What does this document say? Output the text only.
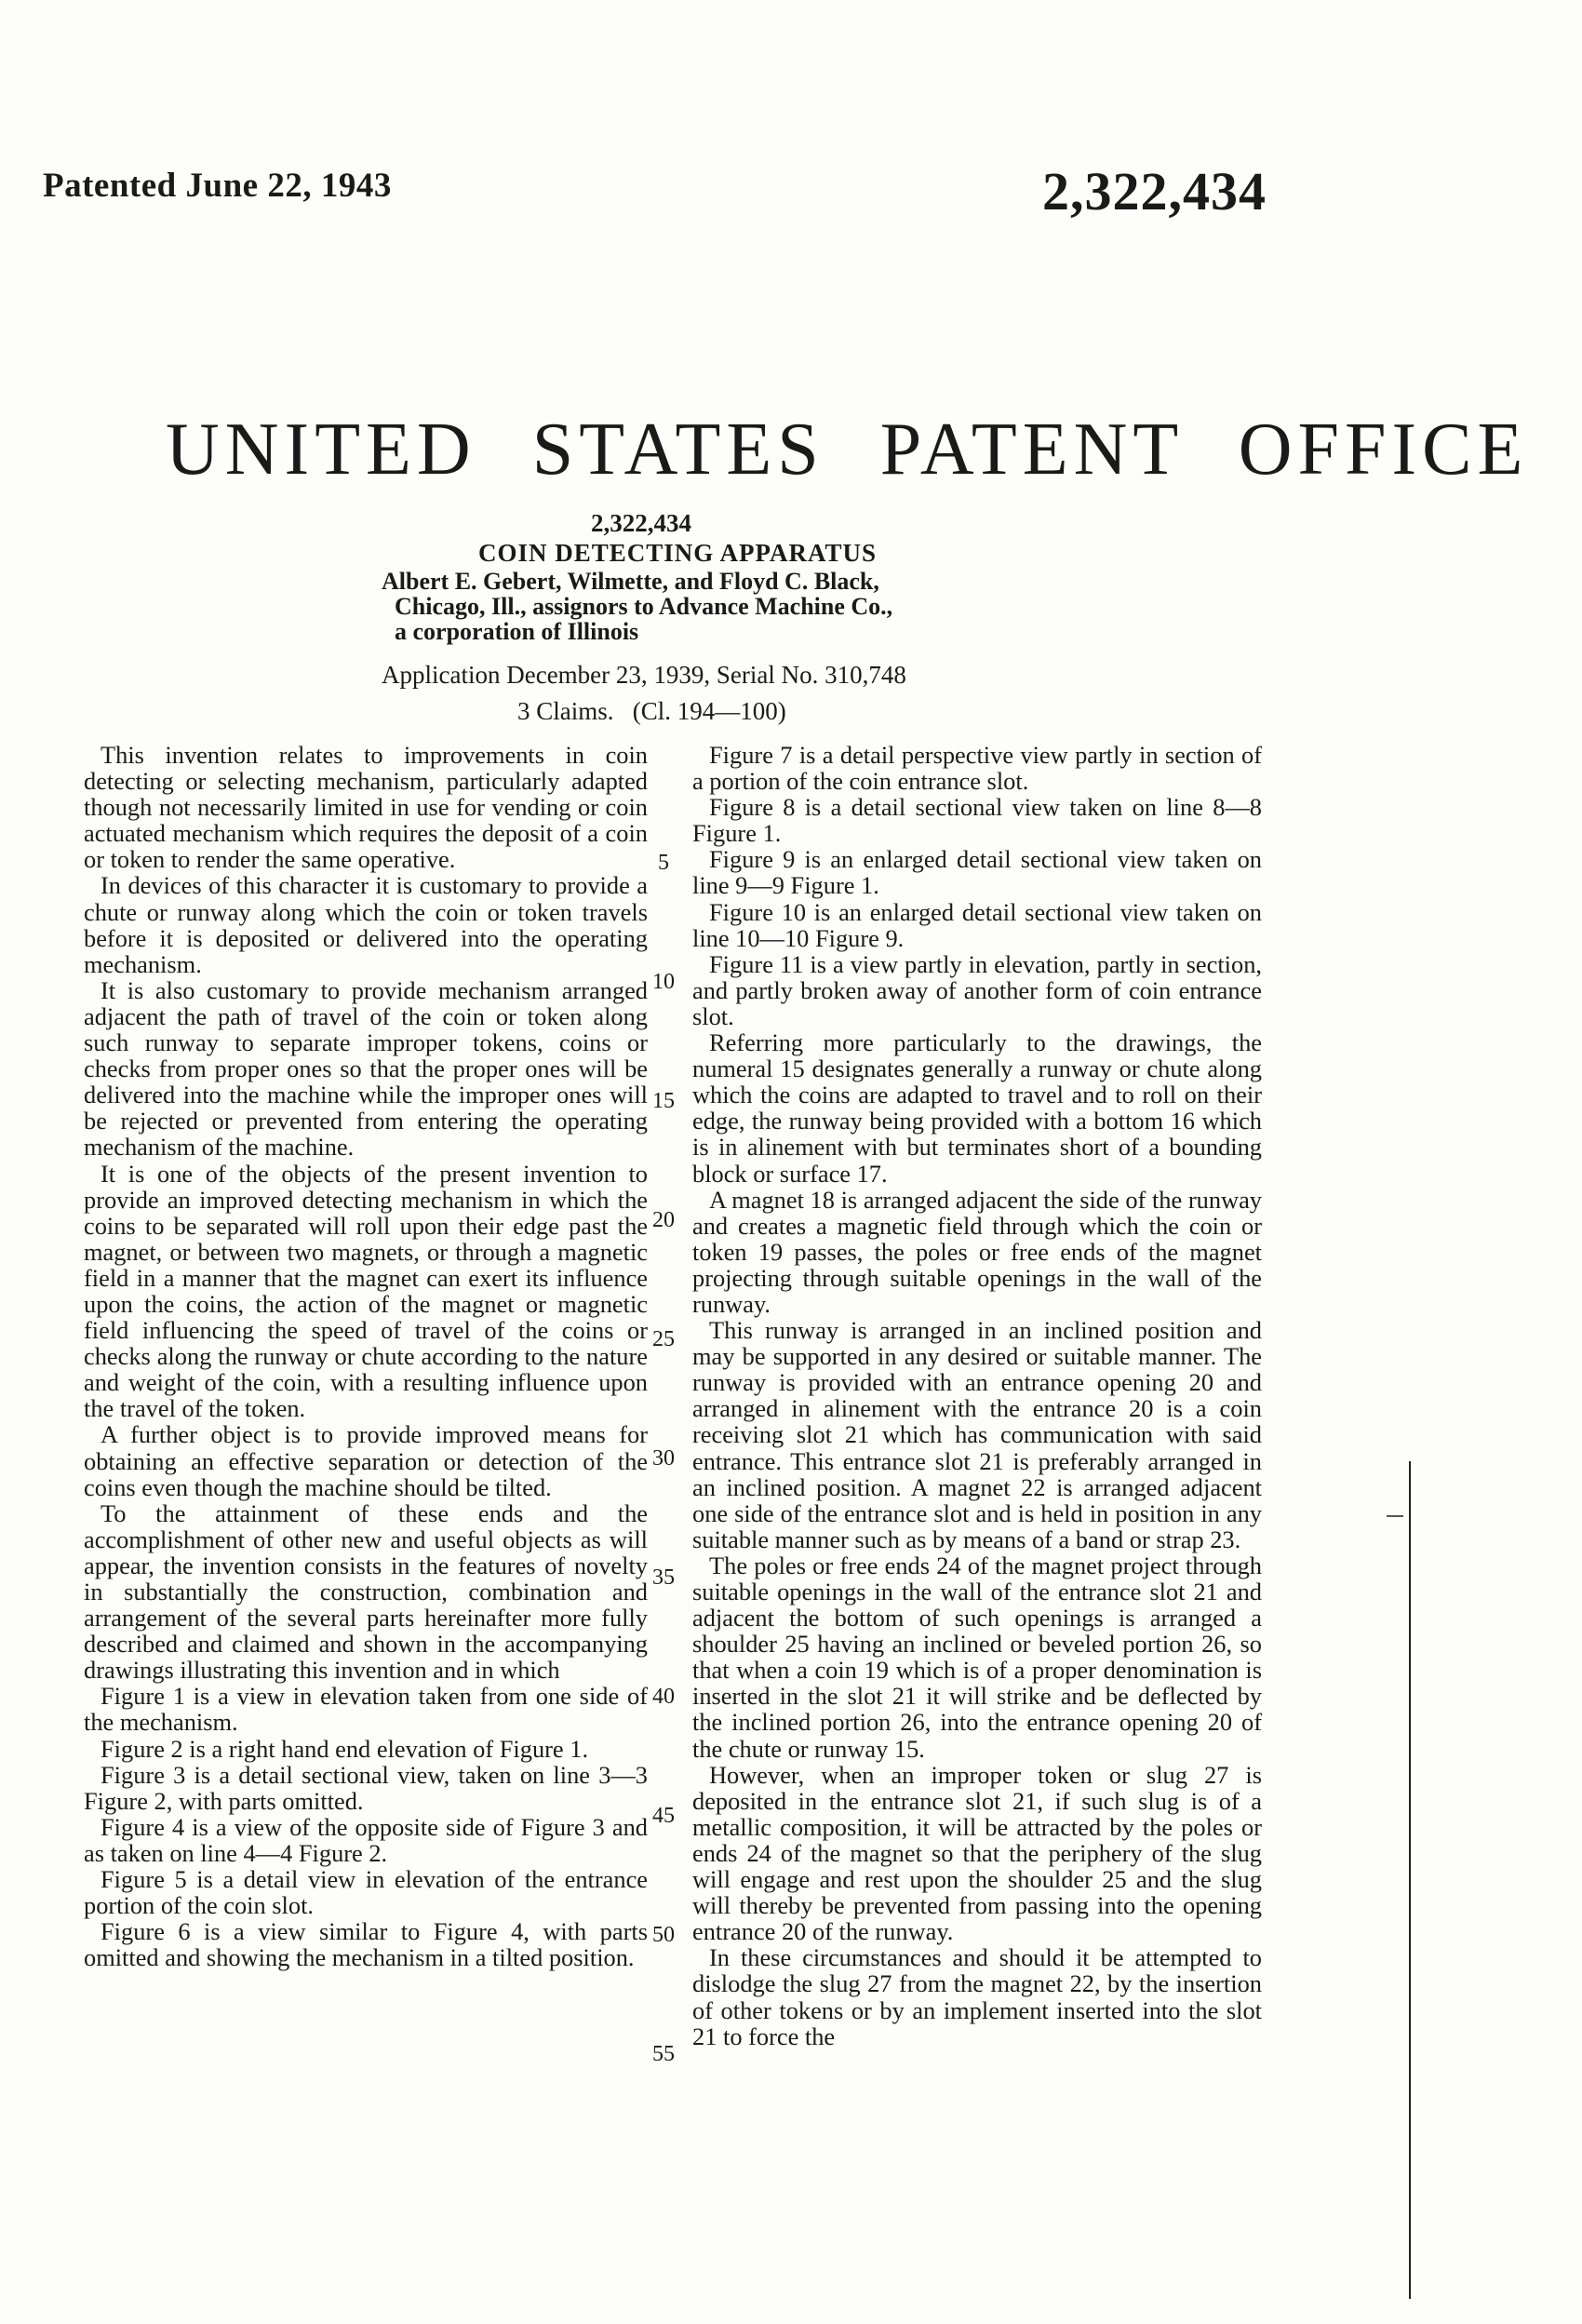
Patented June 22, 1943	2,322,434
UNITED STATES PATENT OFFICE
2,322,434
COIN DETECTING APPARATUS
Albert E. Gebert, Wilmette, and Floyd C. Black,
Chicago, Ill., assignors to Advance Machine Co.,
a corporation of Illinois
Application December 23, 1939, Serial No. 310,748
3 Claims.   (Cl. 194—100)

This invention relates to improvements in coin detecting or selecting mechanism, particularly adapted though not necessarily limited in use for vending or coin actuated mechanism which requires the deposit of a coin or token to render the same operative.

In devices of this character it is customary to provide a chute or runway along which the coin or token travels before it is deposited or delivered into the operating mechanism.

It is also customary to provide mechanism arranged adjacent the path of travel of the coin or token along such runway to separate improper tokens, coins or checks from proper ones so that the proper ones will be delivered into the machine while the improper ones will be rejected or prevented from entering the operating mechanism of the machine.

It is one of the objects of the present invention to provide an improved detecting mechanism in which the coins to be separated will roll upon their edge past the magnet, or between two magnets, or through a magnetic field in a manner that the magnet can exert its influence upon the coins, the action of the magnet or magnetic field influencing the speed of travel of the coins or checks along the runway or chute according to the nature and weight of the coin, with a resulting influence upon the travel of the token.

A further object is to provide improved means for obtaining an effective separation or detection of the coins even though the machine should be tilted.

To the attainment of these ends and the accomplishment of other new and useful objects as will appear, the invention consists in the features of novelty in substantially the construction, combination and arrangement of the several parts hereinafter more fully described and claimed and shown in the accompanying drawings illustrating this invention and in which

Figure 1 is a view in elevation taken from one side of the mechanism.

Figure 2 is a right hand end elevation of Figure 1.

Figure 3 is a detail sectional view, taken on line 3—3 Figure 2, with parts omitted.

Figure 4 is a view of the opposite side of Figure 3 and as taken on line 4—4 Figure 2.

Figure 5 is a detail view in elevation of the entrance portion of the coin slot.

Figure 6 is a view similar to Figure 4, with parts omitted and showing the mechanism in a tilted position.

5
10
15
20
25
30
35
40
45
50
55

Figure 7 is a detail perspective view partly in section of a portion of the coin entrance slot.

Figure 8 is a detail sectional view taken on line 8—8 Figure 1.

Figure 9 is an enlarged detail sectional view taken on line 9—9 Figure 1.

Figure 10 is an enlarged detail sectional view taken on line 10—10 Figure 9.

Figure 11 is a view partly in elevation, partly in section, and partly broken away of another form of coin entrance slot.

Referring more particularly to the drawings, the numeral 15 designates generally a runway or chute along which the coins are adapted to travel and to roll on their edge, the runway being provided with a bottom 16 which is in alinement with but terminates short of a bounding block or surface 17.

A magnet 18 is arranged adjacent the side of the runway and creates a magnetic field through which the coin or token 19 passes, the poles or free ends of the magnet projecting through suitable openings in the wall of the runway.

This runway is arranged in an inclined position and may be supported in any desired or suitable manner. The runway is provided with an entrance opening 20 and arranged in alinement with the entrance 20 is a coin receiving slot 21 which has communication with said entrance. This entrance slot 21 is preferably arranged in an inclined position. A magnet 22 is arranged adjacent one side of the entrance slot and is held in position in any suitable manner such as by means of a band or strap 23.

The poles or free ends 24 of the magnet project through suitable openings in the wall of the entrance slot 21 and adjacent the bottom of such openings is arranged a shoulder 25 having an inclined or beveled portion 26, so that when a coin 19 which is of a proper denomination is inserted in the slot 21 it will strike and be deflected by the inclined portion 26, into the entrance opening 20 of the chute or runway 15.

However, when an improper token or slug 27 is deposited in the entrance slot 21, if such slug is of a metallic composition, it will be attracted by the poles or ends 24 of the magnet so that the periphery of the slug will engage and rest upon the shoulder 25 and the slug will thereby be prevented from passing into the opening entrance 20 of the runway.

In these circumstances and should it be attempted to dislodge the slug 27 from the magnet 22, by the insertion of other tokens or by an implement inserted into the slot 21 to force the
